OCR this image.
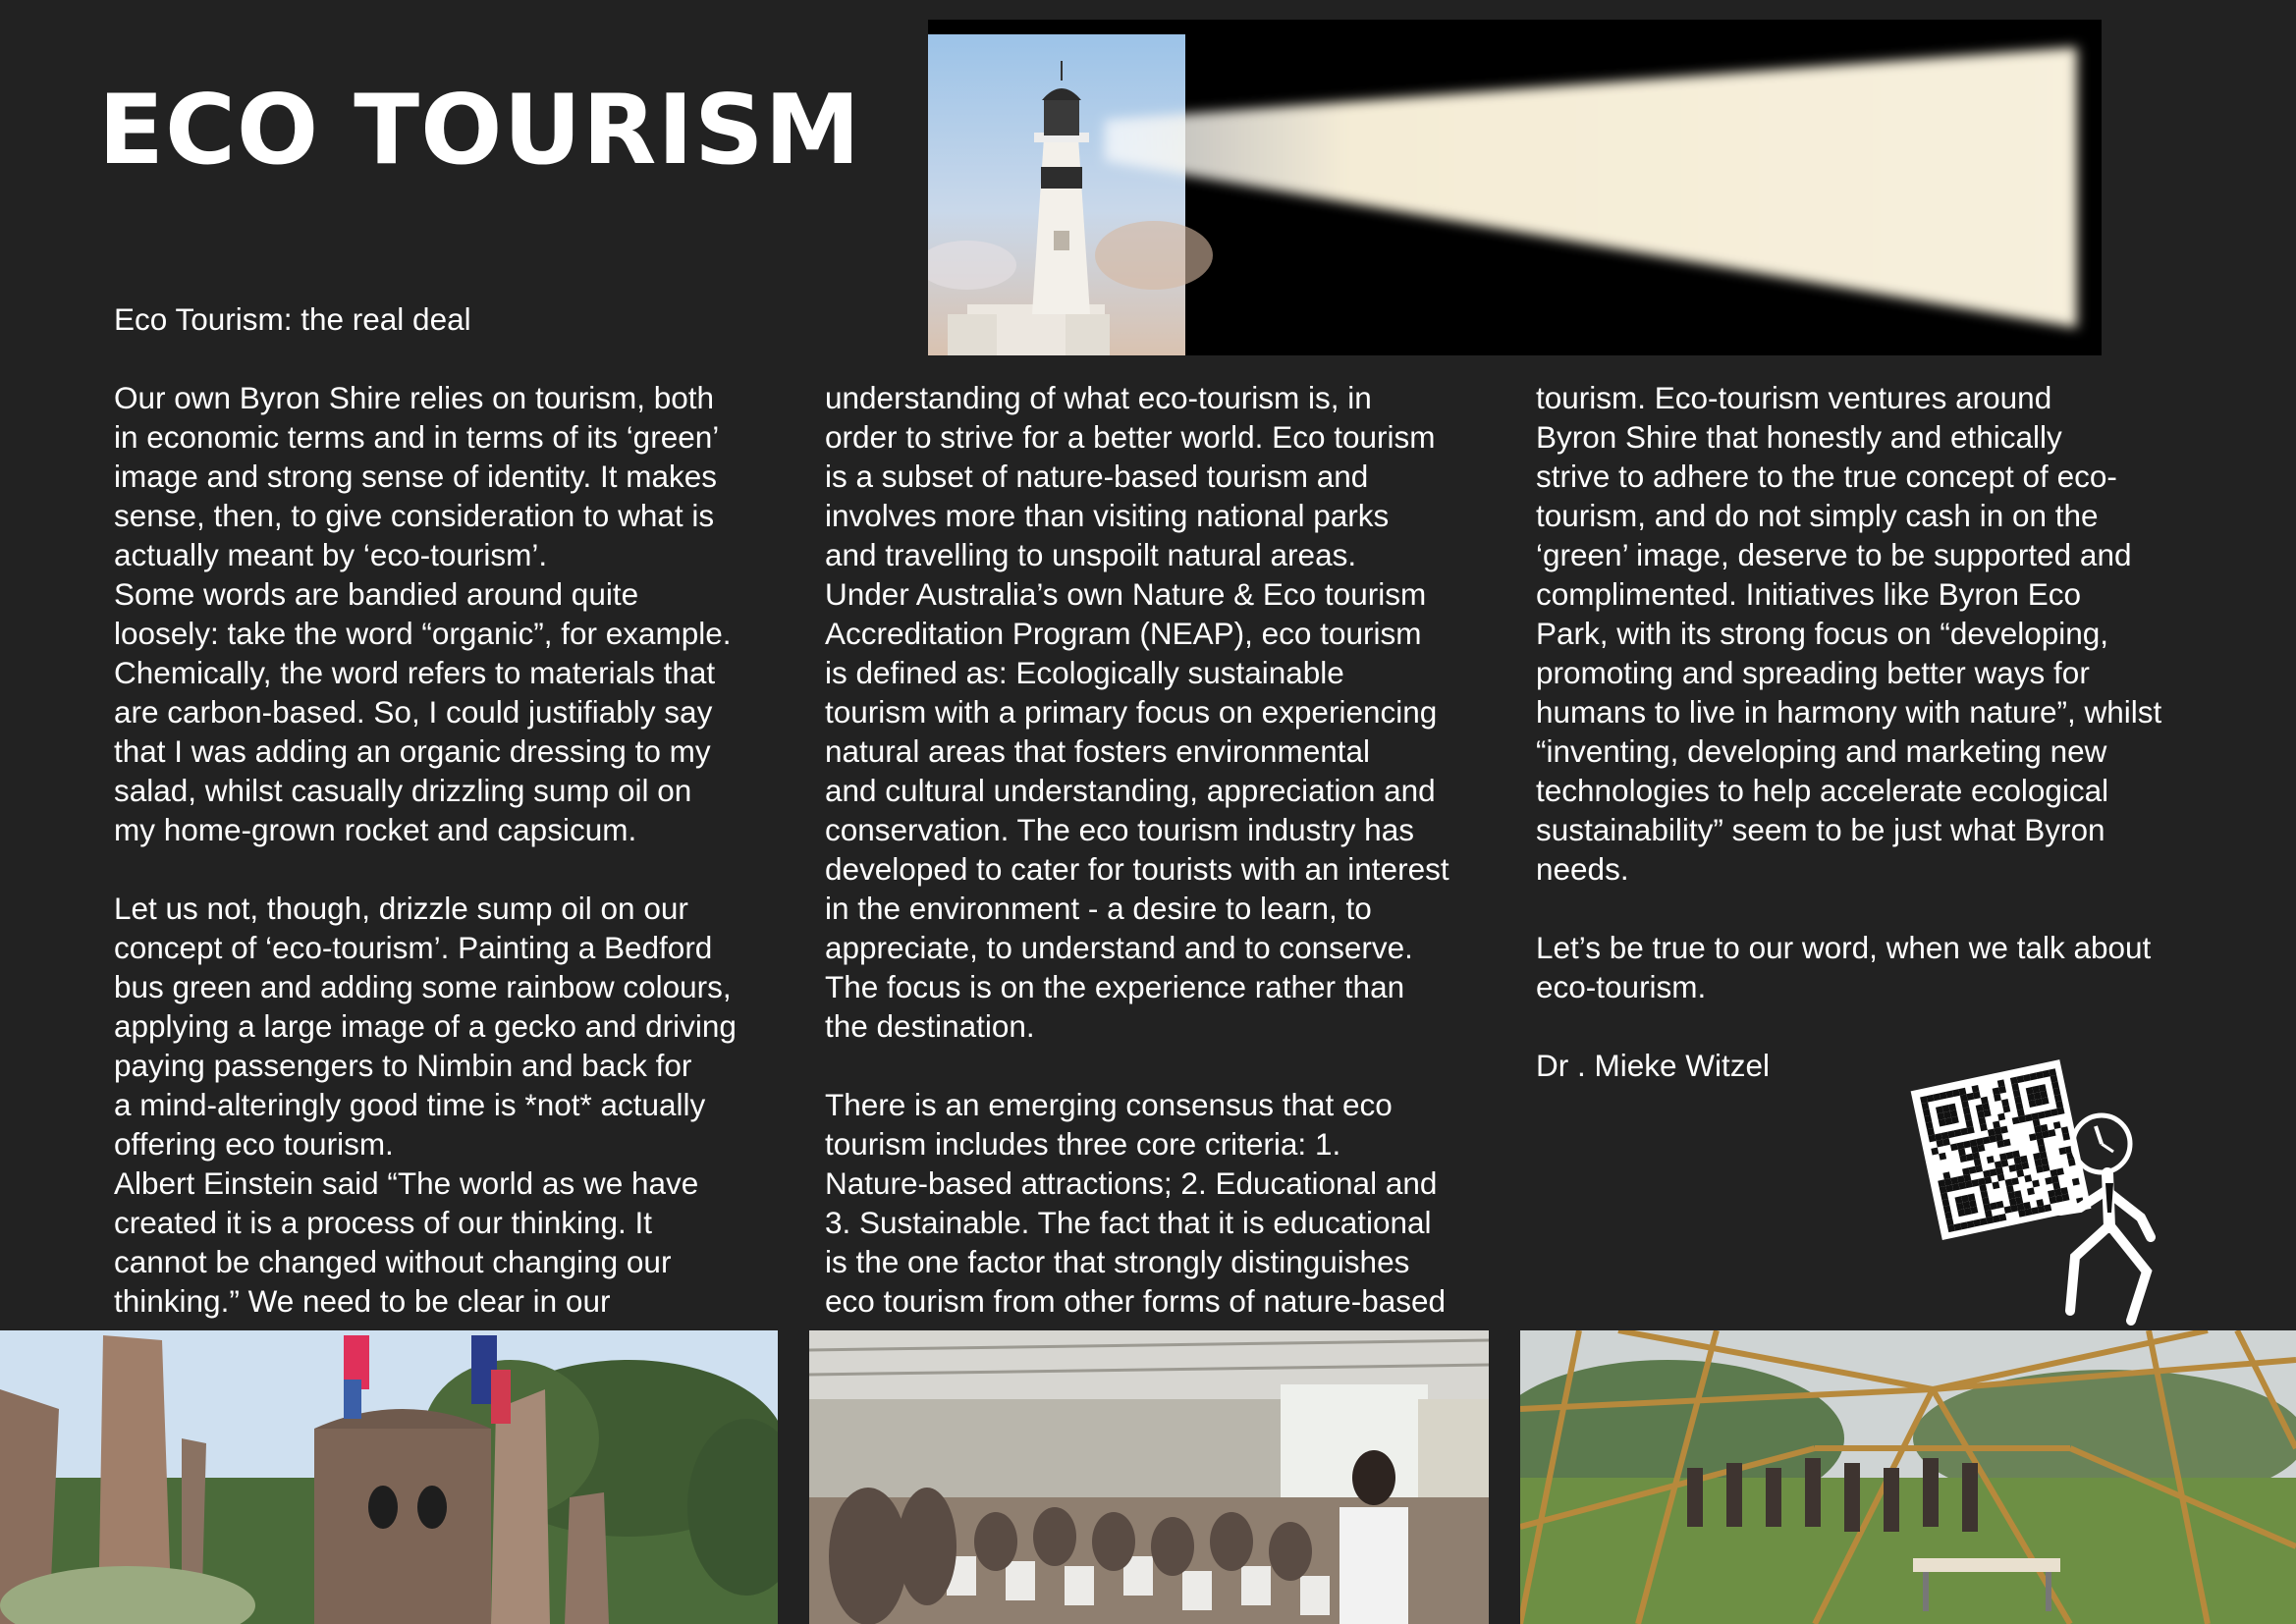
ECO TOURISM

Eco Tourism: the real deal

Our own Byron Shire relies on tourism, both
in economic terms and in terms of its ‘green’
image and strong sense of identity. It makes
sense, then, to give consideration to what is
actually meant by ‘eco-tourism’.
Some words are bandied around quite
loosely: take the word “organic”, for example.
Chemically, the word refers to materials that
are carbon-based. So, I could justifiably say
that I was adding an organic dressing to my
salad, whilst casually drizzling sump oil on
my home-grown rocket and capsicum.

Let us not, though, drizzle sump oil on our
concept of ‘eco-tourism’. Painting a Bedford
bus green and adding some rainbow colours,
applying a large image of a gecko and driving
paying passengers to Nimbin and back for
a mind-alteringly good time is *not* actually
offering eco tourism.
Albert Einstein said “The world as we have
created it is a process of our thinking. It
cannot be changed without changing our
thinking.” We need to be clear in our

understanding of what eco-tourism is, in
order to strive for a better world. Eco tourism
is a subset of nature-based tourism and
involves more than visiting national parks
and travelling to unspoilt natural areas.
Under Australia’s own Nature & Eco tourism
Accreditation Program (NEAP), eco tourism
is defined as: Ecologically sustainable
tourism with a primary focus on experiencing
natural areas that fosters environmental
and cultural understanding, appreciation and
conservation. The eco tourism industry has
developed to cater for tourists with an interest
in the environment - a desire to learn, to
appreciate, to understand and to conserve.
The focus is on the experience rather than
the destination.

There is an emerging consensus that eco
tourism includes three core criteria: 1.
Nature-based attractions; 2. Educational and
3. Sustainable. The fact that it is educational
is the one factor that strongly distinguishes
eco tourism from other forms of nature-based

tourism. Eco-tourism ventures around
Byron Shire that honestly and ethically
strive to adhere to the true concept of eco-
tourism, and do not simply cash in on the
‘green’ image, deserve to be supported and
complimented. Initiatives like Byron Eco
Park, with its strong focus on “developing,
promoting and spreading better ways for
humans to live in harmony with nature”, whilst
“inventing, developing and marketing new
technologies to help accelerate ecological
sustainability” seem to be just what Byron
needs.

Let’s be true to our word, when we talk about
eco-tourism.

Dr . Mieke Witzel
